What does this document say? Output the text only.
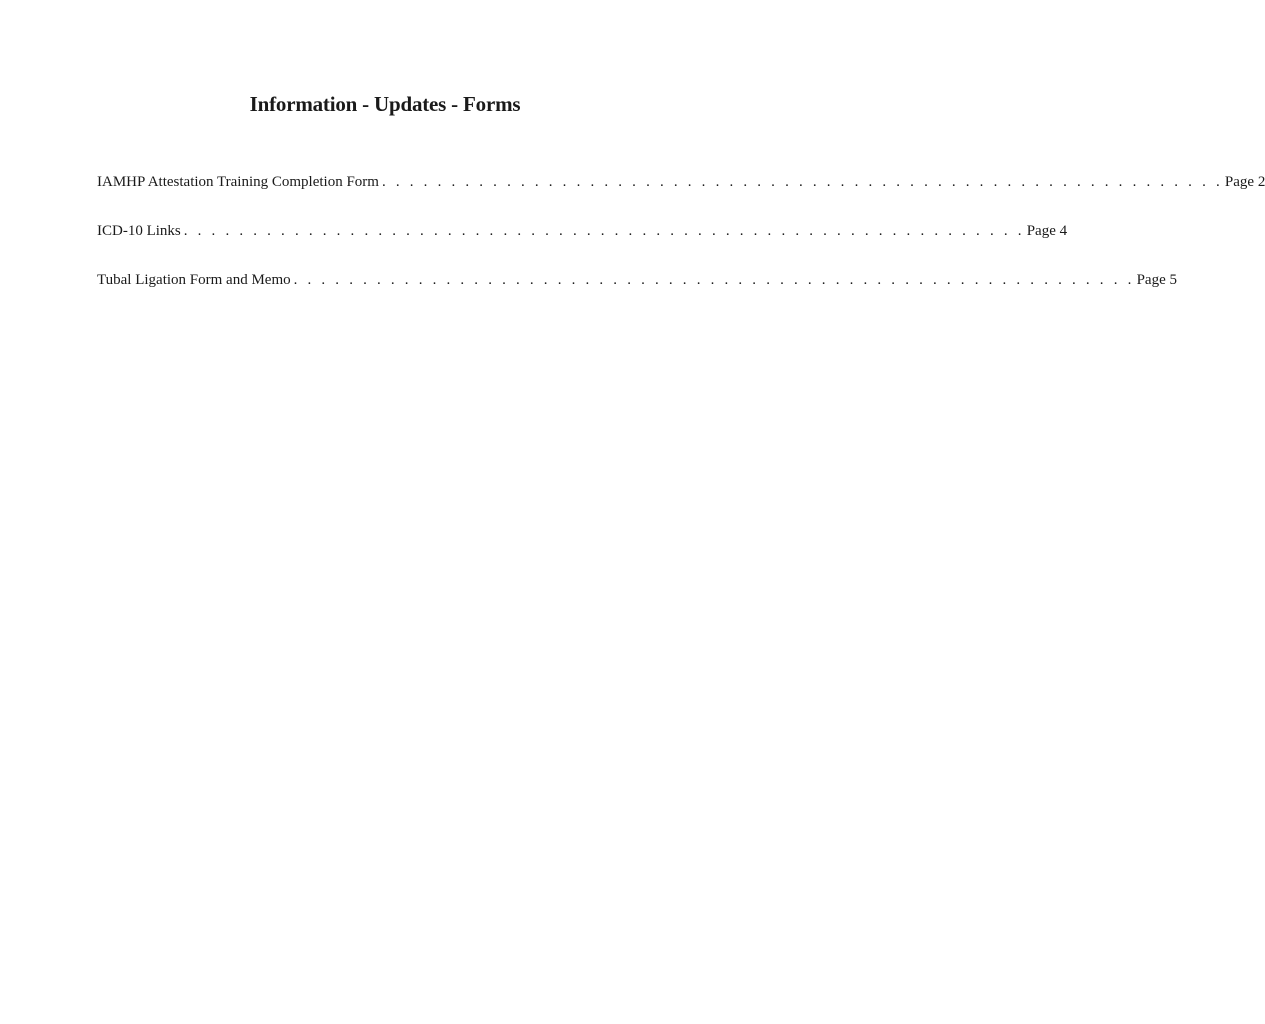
Information - Updates - Forms
IAMHP Attestation Training Completion Form . . . . . . . . . . . . . . . . . . . . . . . . . . . . . . . . . . . . . . . . . . . . . . . . . . . . . . . . . . . . . Page 2
ICD-10 Links . . . . . . . . . . . . . . . . . . . . . . . . . . . . . . . . . . . . . . . . . . . . . . . . . . . . . . . . . . . . . Page 4
Tubal Ligation Form and Memo . . . . . . . . . . . . . . . . . . . . . . . . . . . . . . . . . . . . . . . . . . . . . . . . . . . . . . . . . . . . . Page 5
